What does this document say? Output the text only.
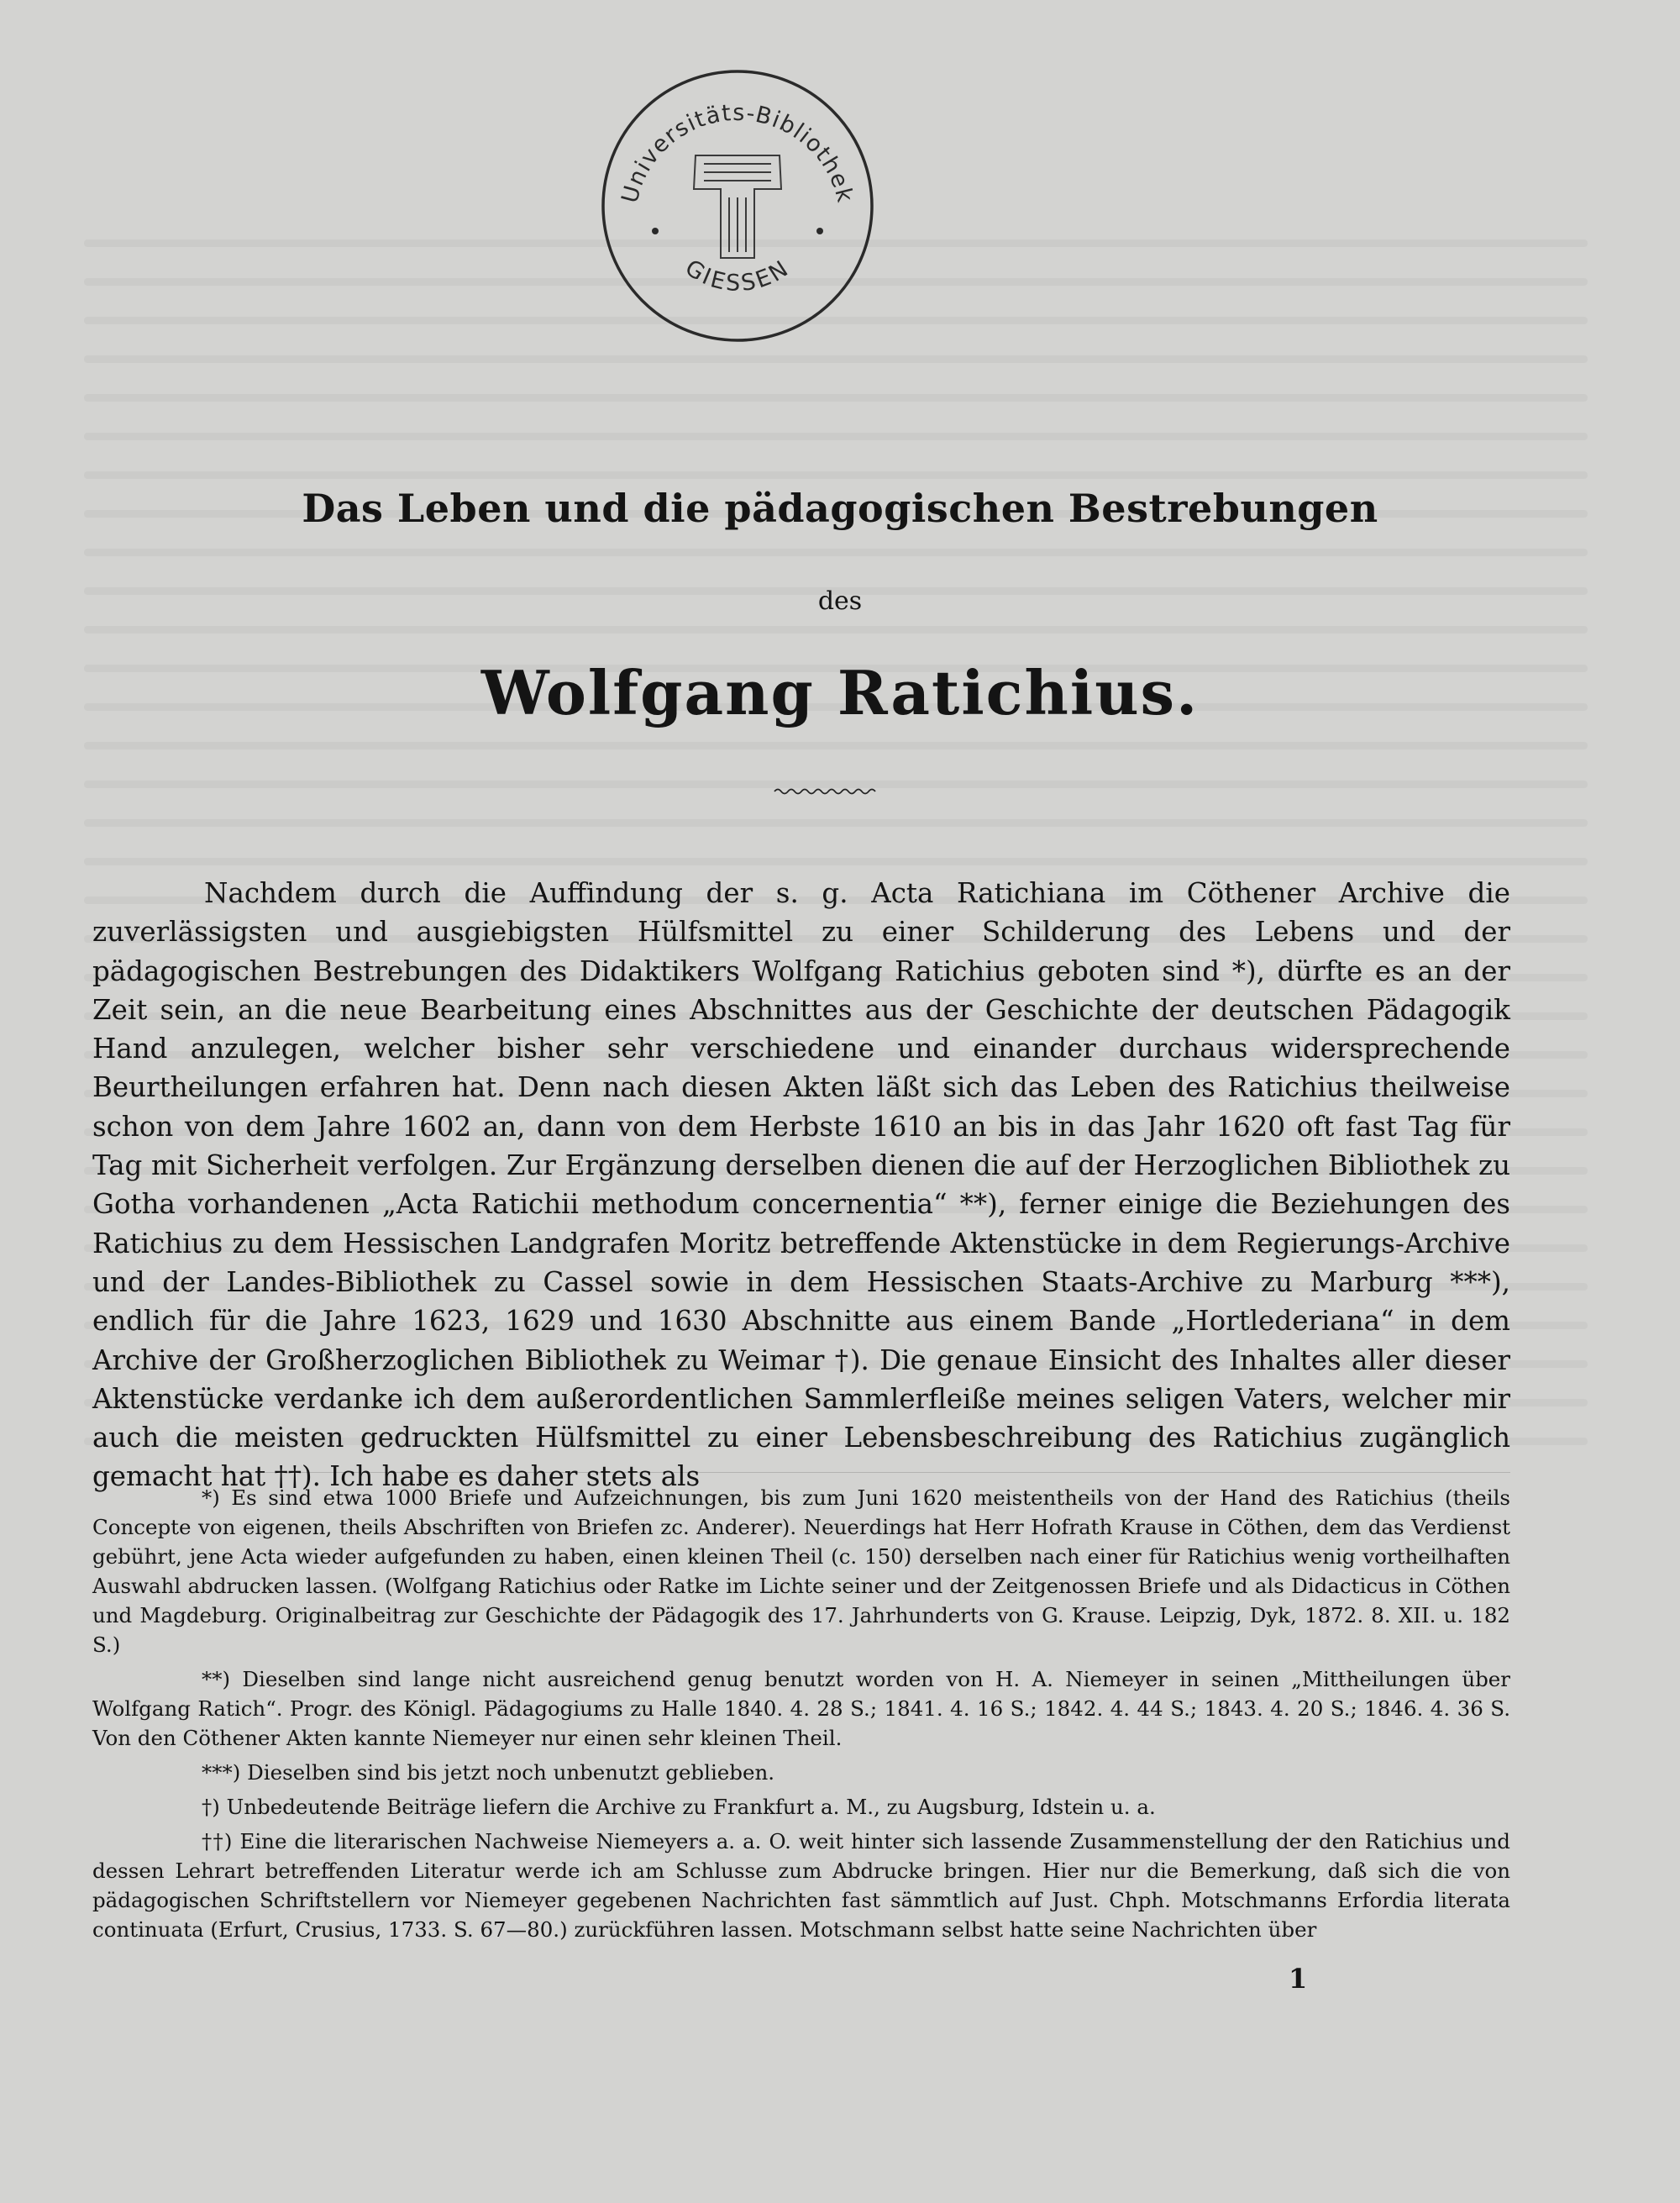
Universitäts-Bibliothek
GIESSEN
Das Leben und die pädagogischen Bestrebungen
des
Wolfgang Ratichius.

Nachdem durch die Auffindung der s. g. Acta Ratichiana im Cöthener Archive die zuverlässigsten und ausgiebigsten Hülfsmittel zu einer Schilderung des Lebens und der pädagogischen Bestrebungen des Didaktikers Wolfgang Ratichius geboten sind *), dürfte es an der Zeit sein, an die neue Bearbeitung eines Abschnittes aus der Geschichte der deutschen Pädagogik Hand anzulegen, welcher bisher sehr verschiedene und einander durchaus widersprechende Beurtheilungen erfahren hat. Denn nach diesen Akten läßt sich das Leben des Ratichius theilweise schon von dem Jahre 1602 an, dann von dem Herbste 1610 an bis in das Jahr 1620 oft fast Tag für Tag mit Sicherheit verfolgen. Zur Ergänzung derselben dienen die auf der Herzoglichen Bibliothek zu Gotha vorhandenen „Acta Ratichii methodum concernentia“ **), ferner einige die Beziehungen des Ratichius zu dem Hessischen Landgrafen Moritz betreffende Aktenstücke in dem Regierungs-Archive und der Landes-Bibliothek zu Cassel sowie in dem Hessischen Staats-Archive zu Marburg ***), endlich für die Jahre 1623, 1629 und 1630 Abschnitte aus einem Bande „Hortlederiana“ in dem Archive der Großherzoglichen Bibliothek zu Weimar †). Die genaue Einsicht des Inhaltes aller dieser Aktenstücke verdanke ich dem außerordentlichen Sammlerfleiße meines seligen Vaters, welcher mir auch die meisten gedruckten Hülfsmittel zu einer Lebensbeschreibung des Ratichius zugänglich gemacht hat ††). Ich habe es daher stets als

*) Es sind etwa 1000 Briefe und Aufzeichnungen, bis zum Juni 1620 meistentheils von der Hand des Ratichius (theils Concepte von eigenen, theils Abschriften von Briefen zc. Anderer). Neuerdings hat Herr Hofrath Krause in Cöthen, dem das Verdienst gebührt, jene Acta wieder aufgefunden zu haben, einen kleinen Theil (c. 150) derselben nach einer für Ratichius wenig vortheilhaften Auswahl abdrucken lassen. (Wolfgang Ratichius oder Ratke im Lichte seiner und der Zeitgenossen Briefe und als Didacticus in Cöthen und Magdeburg. Originalbeitrag zur Geschichte der Pädagogik des 17. Jahrhunderts von G. Krause. Leipzig, Dyk, 1872. 8. XII. u. 182 S.)

**) Dieselben sind lange nicht ausreichend genug benutzt worden von H. A. Niemeyer in seinen „Mittheilungen über Wolfgang Ratich“. Progr. des Königl. Pädagogiums zu Halle 1840. 4. 28 S.; 1841. 4. 16 S.; 1842. 4. 44 S.; 1843. 4. 20 S.; 1846. 4. 36 S. Von den Cöthener Akten kannte Niemeyer nur einen sehr kleinen Theil.

***) Dieselben sind bis jetzt noch unbenutzt geblieben.

†) Unbedeutende Beiträge liefern die Archive zu Frankfurt a. M., zu Augsburg, Idstein u. a.

††) Eine die literarischen Nachweise Niemeyers a. a. O. weit hinter sich lassende Zusammenstellung der den Ratichius und dessen Lehrart betreffenden Literatur werde ich am Schlusse zum Abdrucke bringen. Hier nur die Bemerkung, daß sich die von pädagogischen Schriftstellern vor Niemeyer gegebenen Nachrichten fast sämmtlich auf Just. Chph. Motschmanns Erfordia literata continuata (Erfurt, Crusius, 1733. S. 67—80.) zurückführen lassen. Motschmann selbst hatte seine Nachrichten über

1
